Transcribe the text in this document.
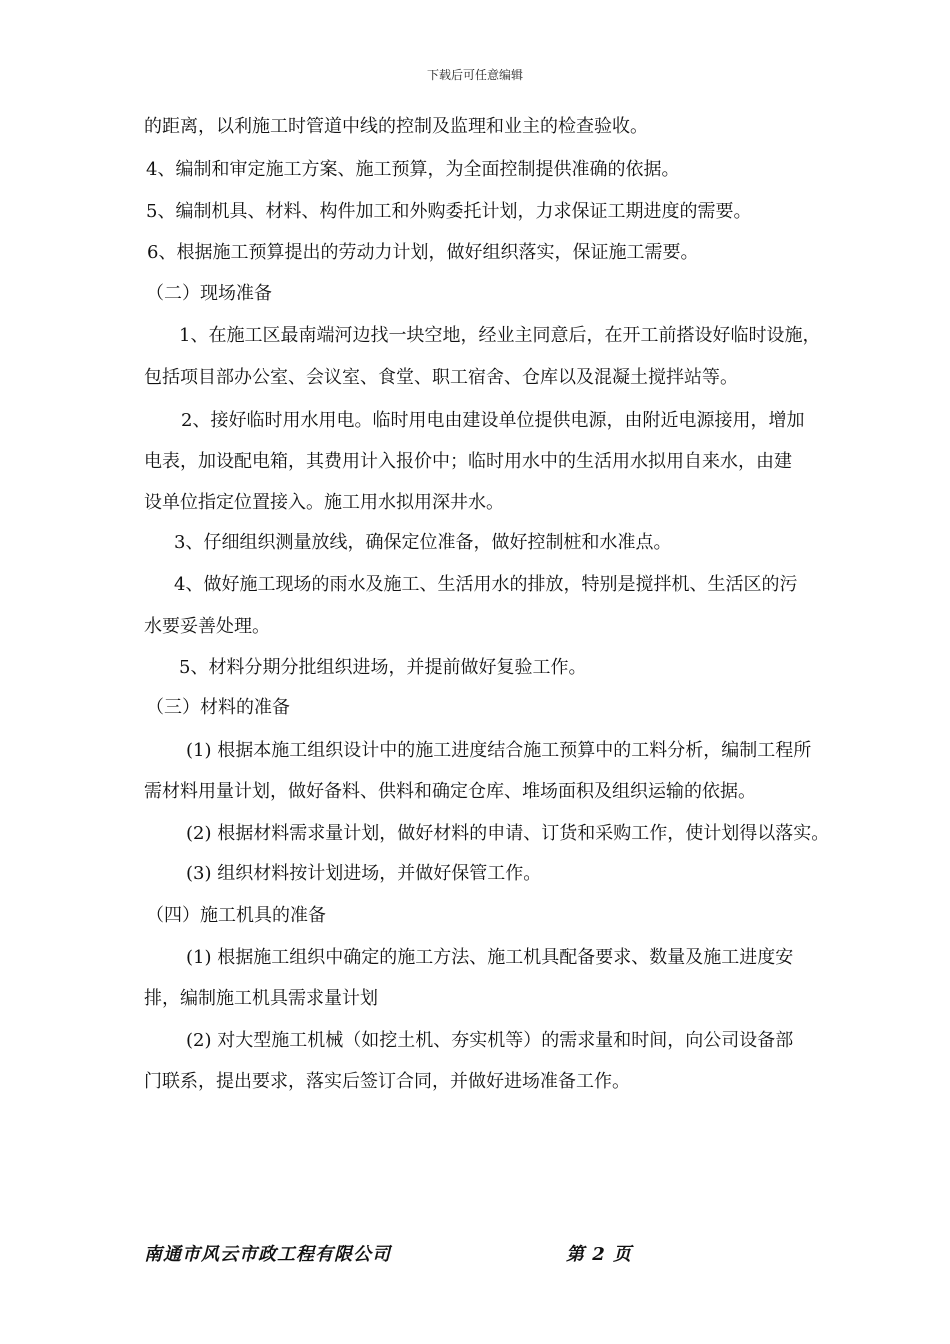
下载后可任意编辑
的距离，以利施工时管道中线的控制及监理和业主的检查验收。
4、编制和审定施工方案、施工预算，为全面控制提供准确的依据。
5、编制机具、材料、构件加工和外购委托计划，力求保证工期进度的需要。
6、根据施工预算提出的劳动力计划，做好组织落实，保证施工需要。
（二）现场准备
1、在施工区最南端河边找一块空地，经业主同意后，在开工前搭设好临时设施，
包括项目部办公室、会议室、食堂、职工宿舍、仓库以及混凝土搅拌站等。
2、接好临时用水用电。临时用电由建设单位提供电源，由附近电源接用，增加
电表，加设配电箱，其费用计入报价中；临时用水中的生活用水拟用自来水，由建
设单位指定位置接入。施工用水拟用深井水。
3、仔细组织测量放线，确保定位准备，做好控制桩和水准点。
4、做好施工现场的雨水及施工、生活用水的排放，特别是搅拌机、生活区的污
水要妥善处理。
5、材料分期分批组织进场，并提前做好复验工作。
（三）材料的准备
(1) 根据本施工组织设计中的施工进度结合施工预算中的工料分析，编制工程所
需材料用量计划，做好备料、供料和确定仓库、堆场面积及组织运输的依据。
(2) 根据材料需求量计划，做好材料的申请、订货和采购工作，使计划得以落实。
(3) 组织材料按计划进场，并做好保管工作。
（四）施工机具的准备
(1) 根据施工组织中确定的施工方法、施工机具配备要求、数量及施工进度安
排，编制施工机具需求量计划
(2) 对大型施工机械（如挖土机、夯实机等）的需求量和时间，向公司设备部
门联系，提出要求，落实后签订合同，并做好进场准备工作。
南通市风云市政工程有限公司	第 2 页
